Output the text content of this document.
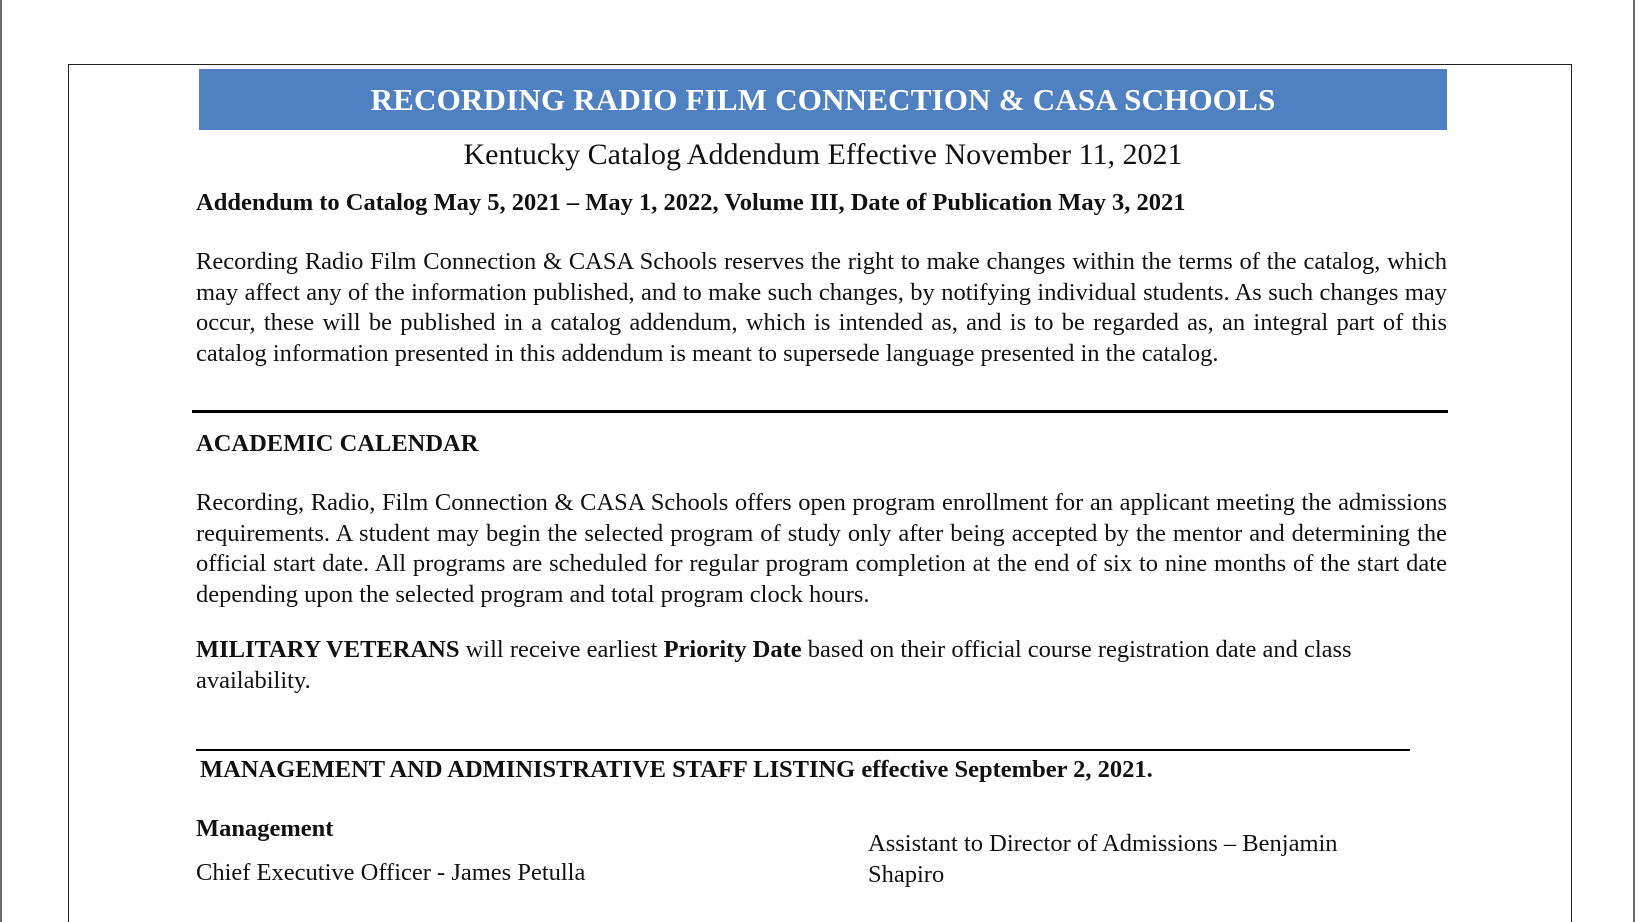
RECORDING RADIO FILM CONNECTION & CASA SCHOOLS
Kentucky Catalog Addendum Effective November 11, 2021
Addendum to Catalog May 5, 2021 – May 1, 2022, Volume III, Date of Publication May 3, 2021
Recording Radio Film Connection & CASA Schools reserves the right to make changes within the terms of the catalog, which may affect any of the information published, and to make such changes, by notifying individual students. As such changes may occur, these will be published in a catalog addendum, which is intended as, and is to be regarded as, an integral part of this catalog information presented in this addendum is meant to supersede language presented in the catalog.
ACADEMIC CALENDAR
Recording, Radio, Film Connection & CASA Schools offers open program enrollment for an applicant meeting the admissions requirements. A student may begin the selected program of study only after being accepted by the mentor and determining the official start date. All programs are scheduled for regular program completion at the end of six to nine months of the start date depending upon the selected program and total program clock hours.
MILITARY VETERANS will receive earliest Priority Date based on their official course registration date and class availability.
MANAGEMENT AND ADMINISTRATIVE STAFF LISTING effective September 2, 2021.
Management
Chief Executive Officer - James Petulla
Assistant to Director of Admissions – Benjamin Shapiro
